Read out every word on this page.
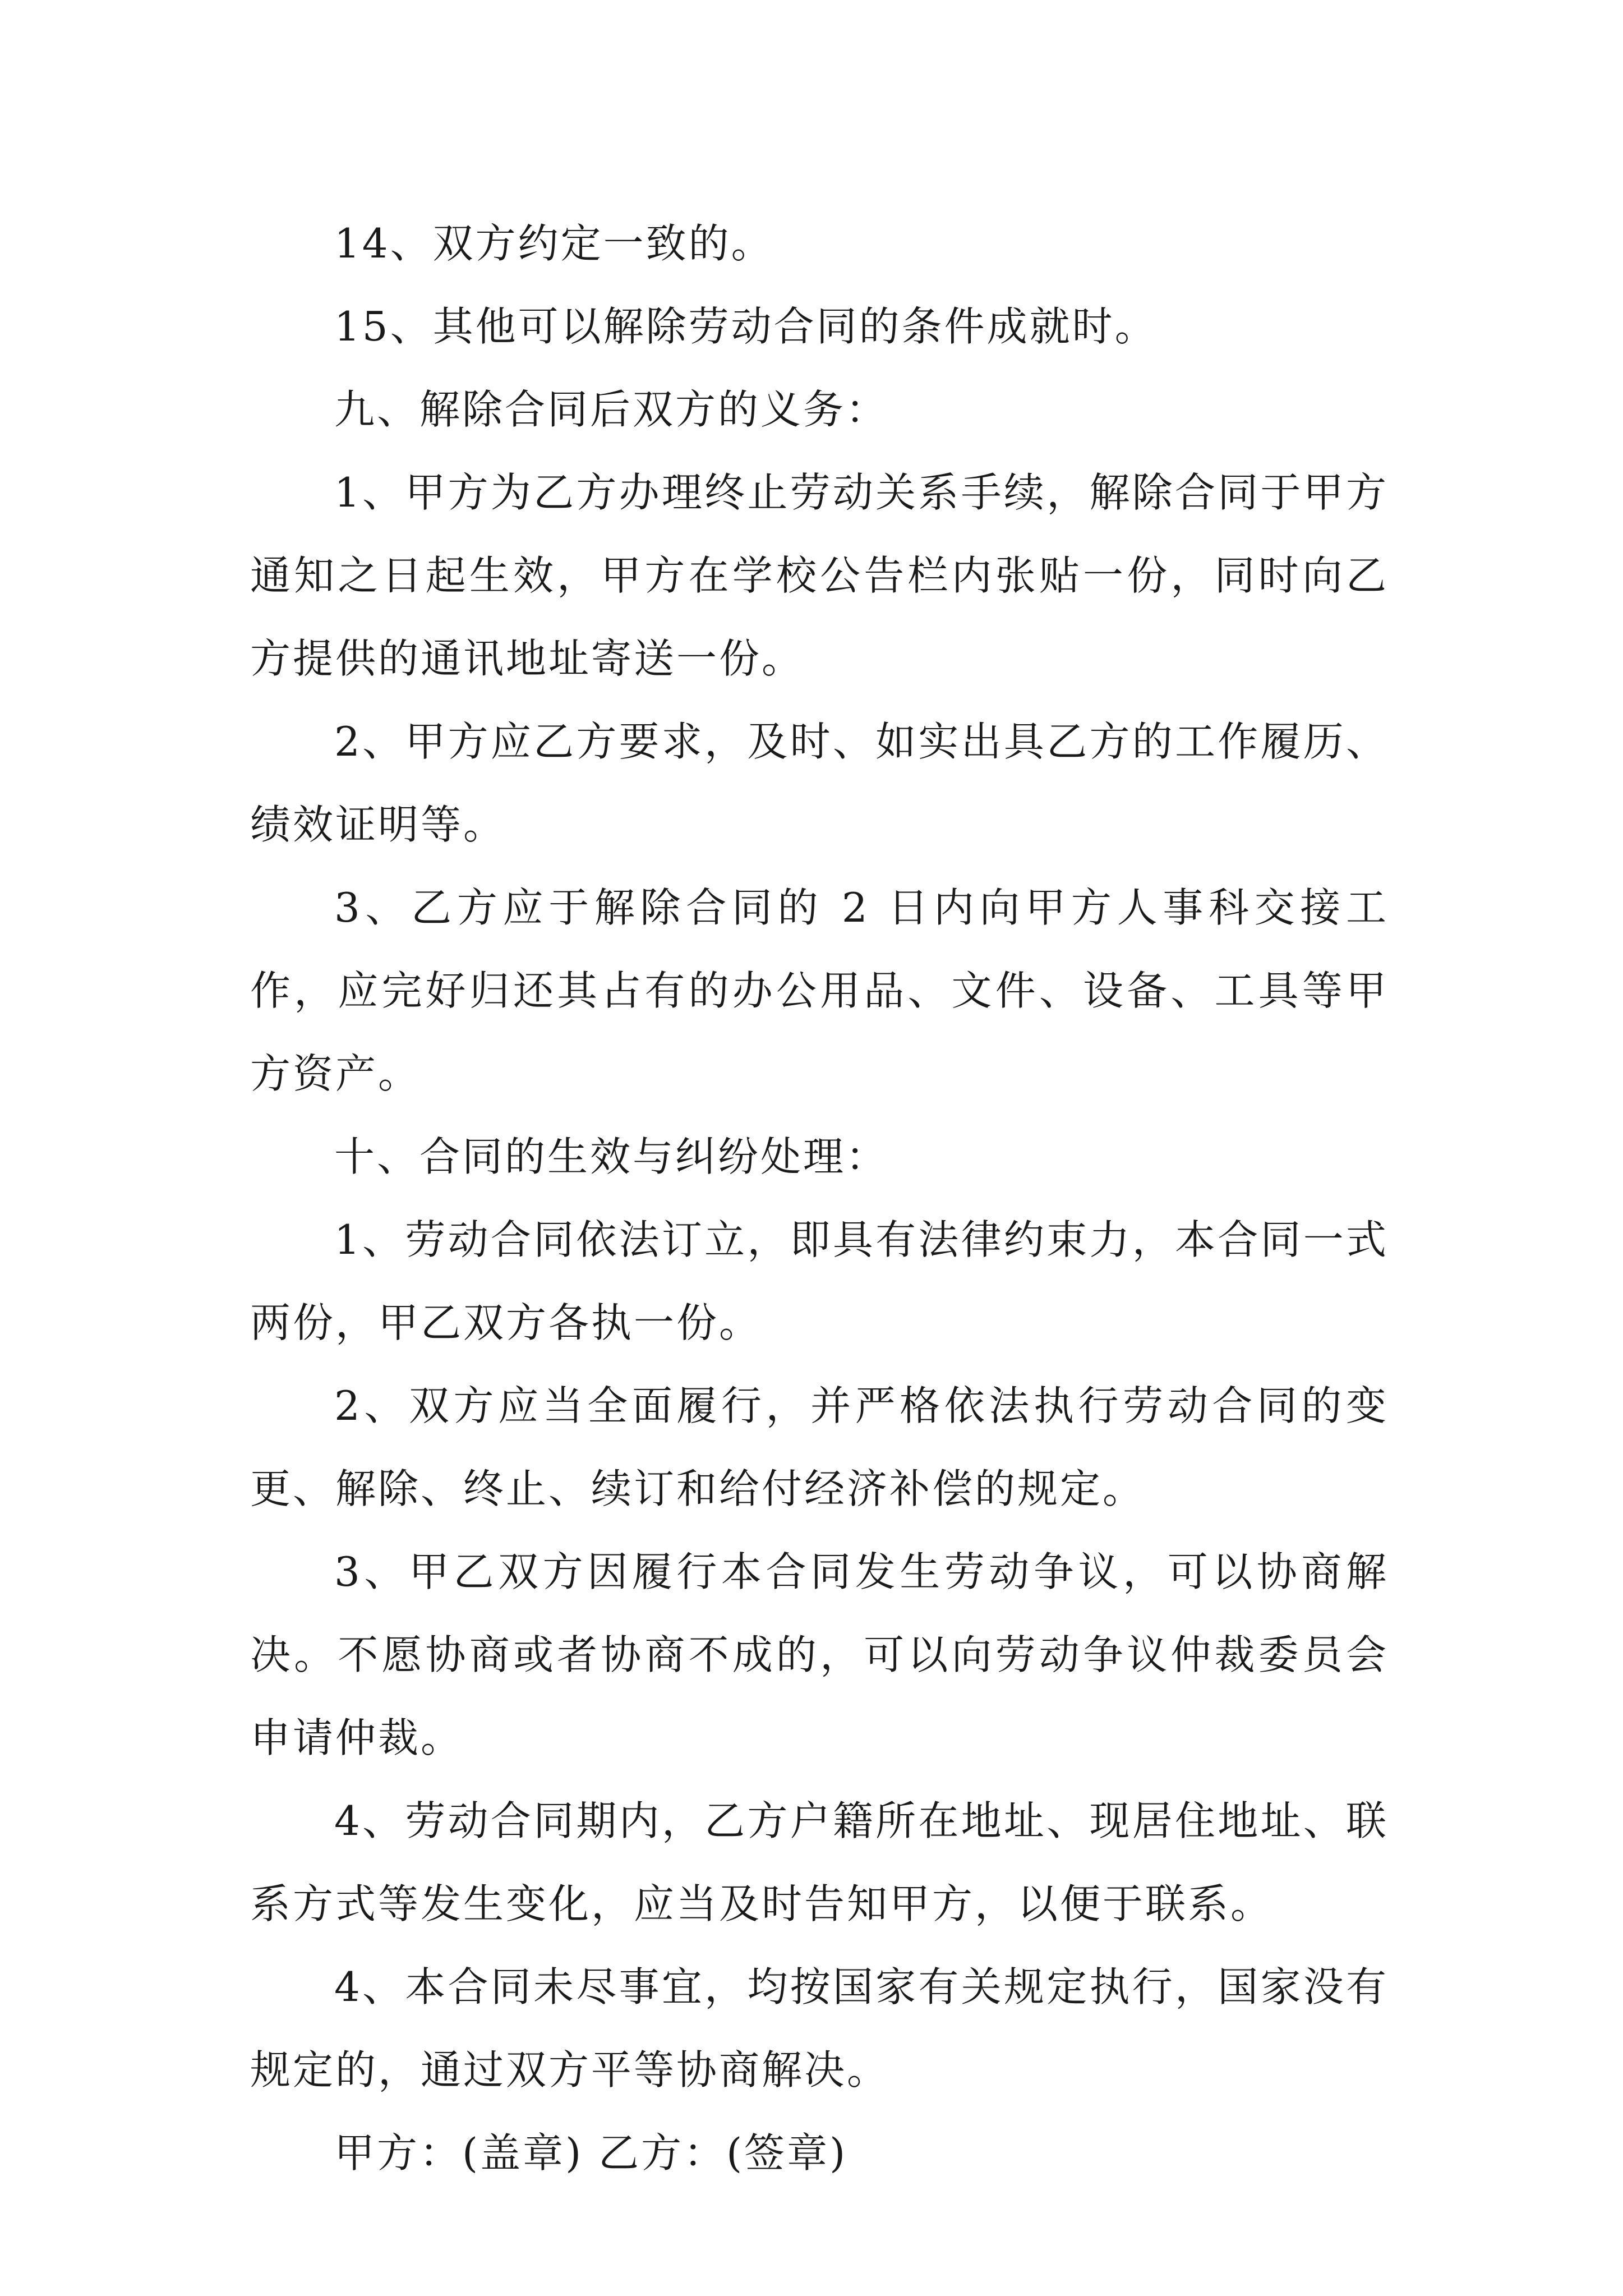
14、双方约定一致的。

15、其他可以解除劳动合同的条件成就时。

九、解除合同后双方的义务：

1、甲方为乙方办理终止劳动关系手续，解除合同于甲方通知之日起生效，甲方在学校公告栏内张贴一份，同时向乙方提供的通讯地址寄送一份。

2、甲方应乙方要求，及时、如实出具乙方的工作履历、绩效证明等。

3、乙方应于解除合同的 2 日内向甲方人事科交接工作，应完好归还其占有的办公用品、文件、设备、工具等甲方资产。

十、合同的生效与纠纷处理：

1、劳动合同依法订立，即具有法律约束力，本合同一式两份，甲乙双方各执一份。

2、双方应当全面履行，并严格依法执行劳动合同的变更、解除、终止、续订和给付经济补偿的规定。

3、甲乙双方因履行本合同发生劳动争议，可以协商解决。不愿协商或者协商不成的，可以向劳动争议仲裁委员会申请仲裁。

4、劳动合同期内，乙方户籍所在地址、现居住地址、联系方式等发生变化，应当及时告知甲方，以便于联系。

4、本合同未尽事宜，均按国家有关规定执行，国家没有规定的，通过双方平等协商解决。

甲方：(盖章) 乙方：(签章)
